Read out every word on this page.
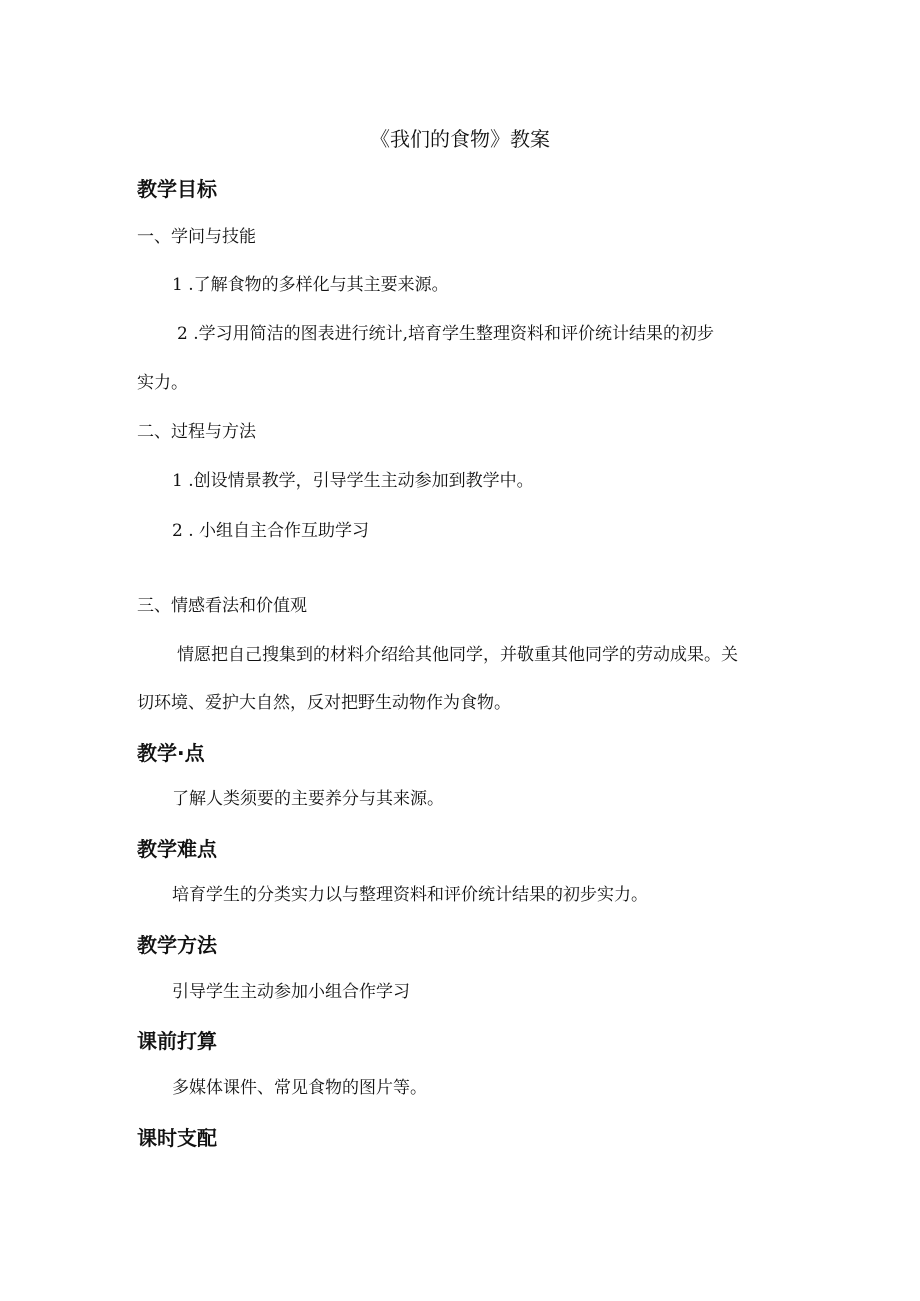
《我们的食物》教案
教学目标
一、学问与技能
1 .了解食物的多样化与其主要来源。
2 .学习用简洁的图表进行统计,培育学生整理资料和评价统计结果的初步
实力。
二、过程与方法
1 .创设情景教学，引导学生主动参加到教学中。
2 . 小组自主合作互助学习
三、情感看法和价值观
情愿把自己搜集到的材料介绍给其他同学，并敬重其他同学的劳动成果。关
切环境、爱护大自然，反对把野生动物作为食物。
教学·点
了解人类须要的主要养分与其来源。
教学难点
培育学生的分类实力以与整理资料和评价统计结果的初步实力。
教学方法
引导学生主动参加小组合作学习
课前打算
多媒体课件、常见食物的图片等。
课时支配
